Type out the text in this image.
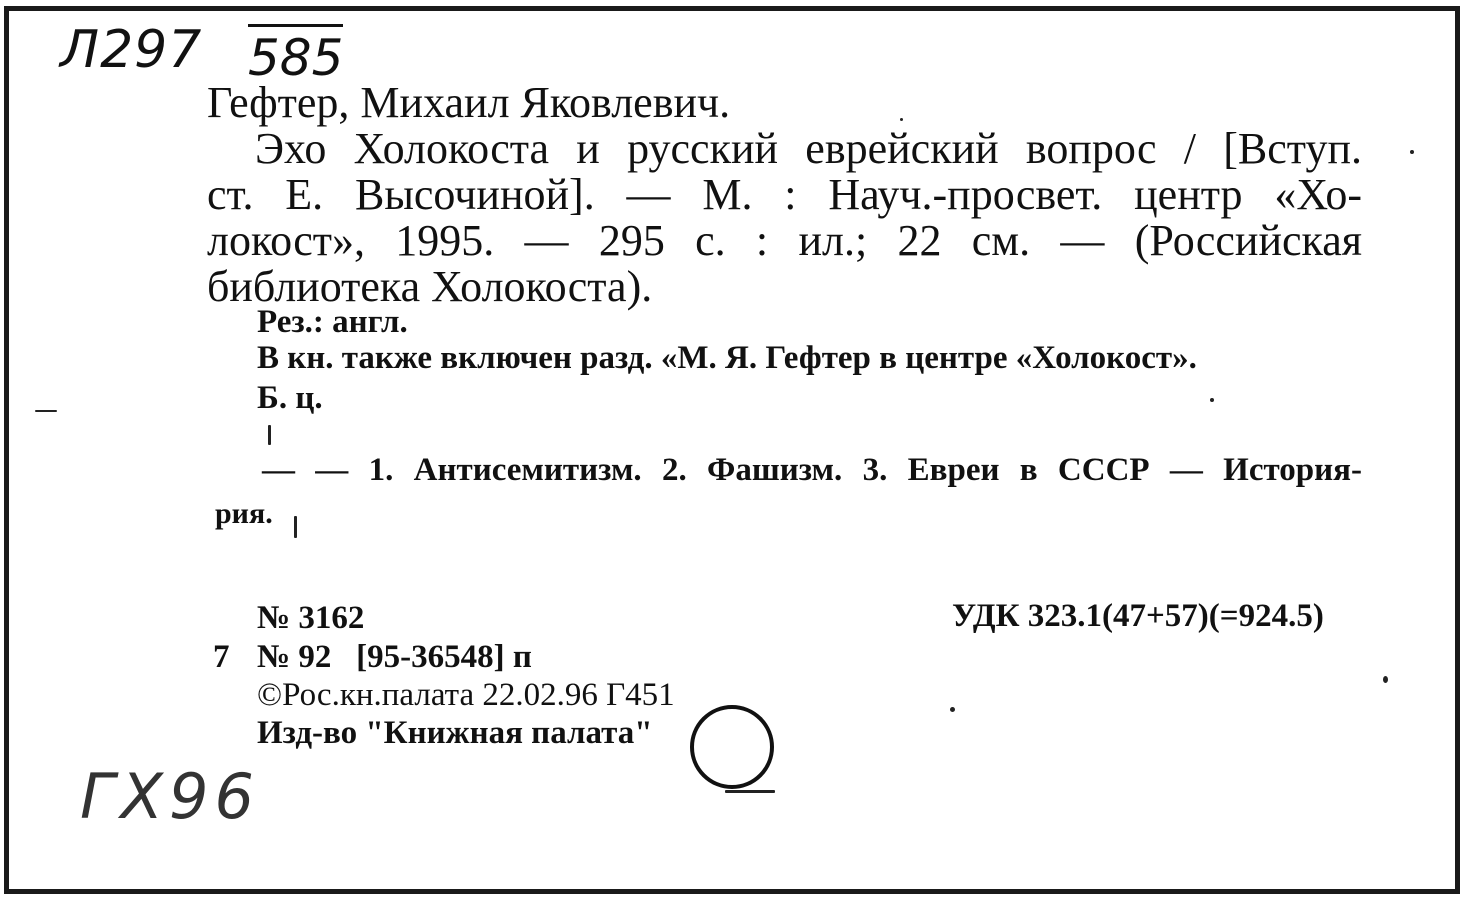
Л297 585
ГХ96
Гефтер, Михаил Яковлевич.
Эхо Холокоста и русский еврейский вопрос / [Вступ.
ст. Е. Высочиной]. — М. : Науч.-просвет. центр «Хо-
локост», 1995. — 295 с. : ил.; 22 см. — (Российская
библиотека Холокоста).
Рез.: англ.
В кн. также включен разд. «М. Я. Гефтер в центре «Холокост».
Б. ц.
— — 1. Антисемитизм. 2. Фашизм. 3. Евреи в СССР — История-
рия.
№ 3162	УДК 323.1(47+57)(=924.5)
7 № 92   [95-36548] п
©Рос.кн.палата 22.02.96 Г451
Изд-во "Книжная палата"
